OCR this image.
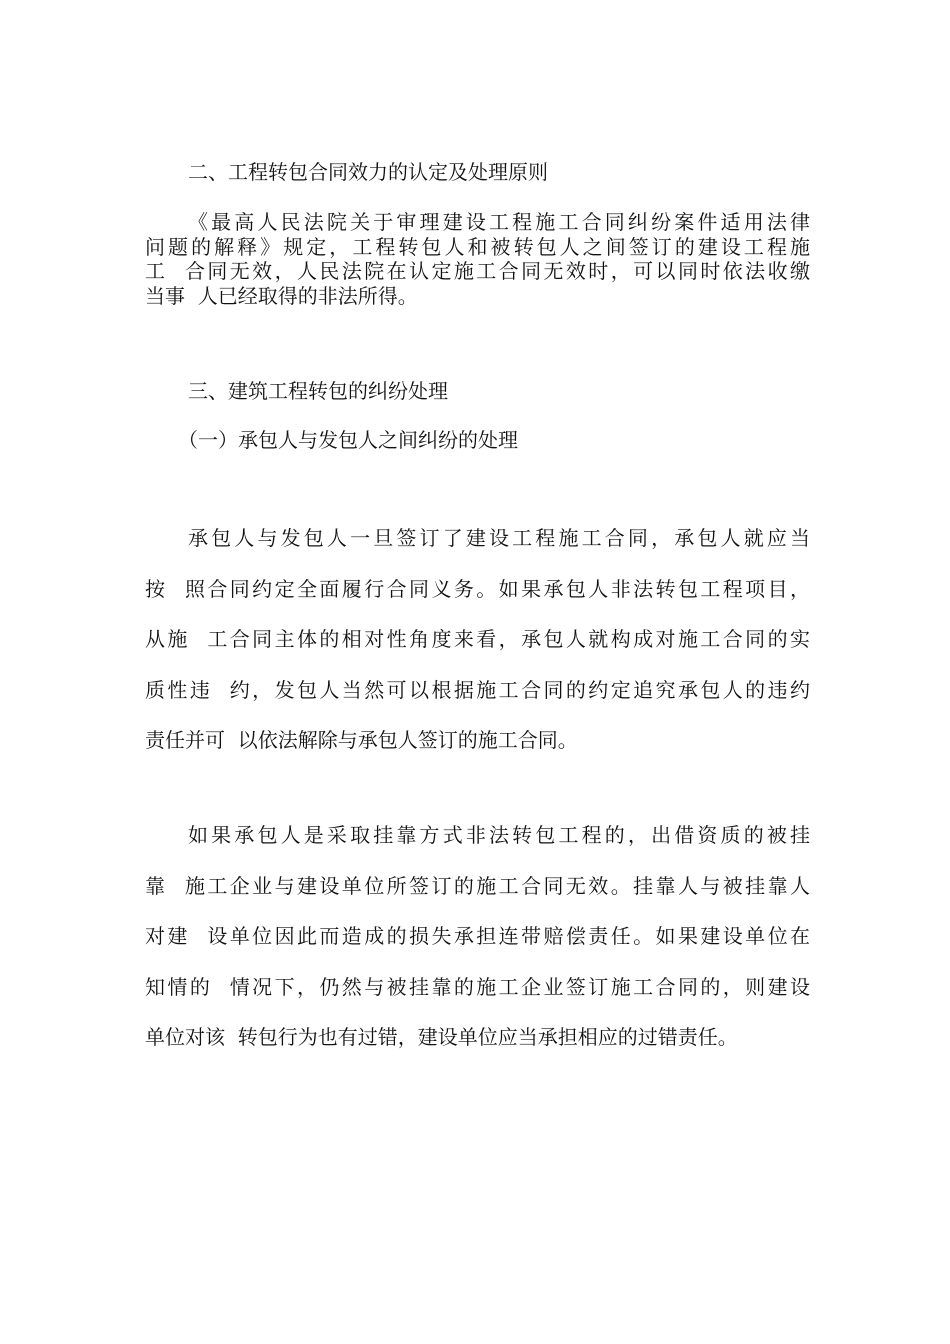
二、工程转包合同效力的认定及处理原则
《最高人民法院关于审理建设工程施工合同纠纷案件适用法律
问题的解释》规定，工程转包人和被转包人之间签订的建设工程施
工  合同无效，人民法院在认定施工合同无效时，可以同时依法收缴
当事  人已经取得的非法所得。
三、建筑工程转包的纠纷处理
（一）承包人与发包人之间纠纷的处理
承包人与发包人一旦签订了建设工程施工合同，承包人就应当
按  照合同约定全面履行合同义务。如果承包人非法转包工程项目，
从施  工合同主体的相对性角度来看，承包人就构成对施工合同的实
质性违  约，发包人当然可以根据施工合同的约定追究承包人的违约
责任并可  以依法解除与承包人签订的施工合同。
如果承包人是采取挂靠方式非法转包工程的，出借资质的被挂
靠  施工企业与建设单位所签订的施工合同无效。挂靠人与被挂靠人
对建  设单位因此而造成的损失承担连带赔偿责任。如果建设单位在
知情的  情况下，仍然与被挂靠的施工企业签订施工合同的，则建设
单位对该  转包行为也有过错，建设单位应当承担相应的过错责任。
